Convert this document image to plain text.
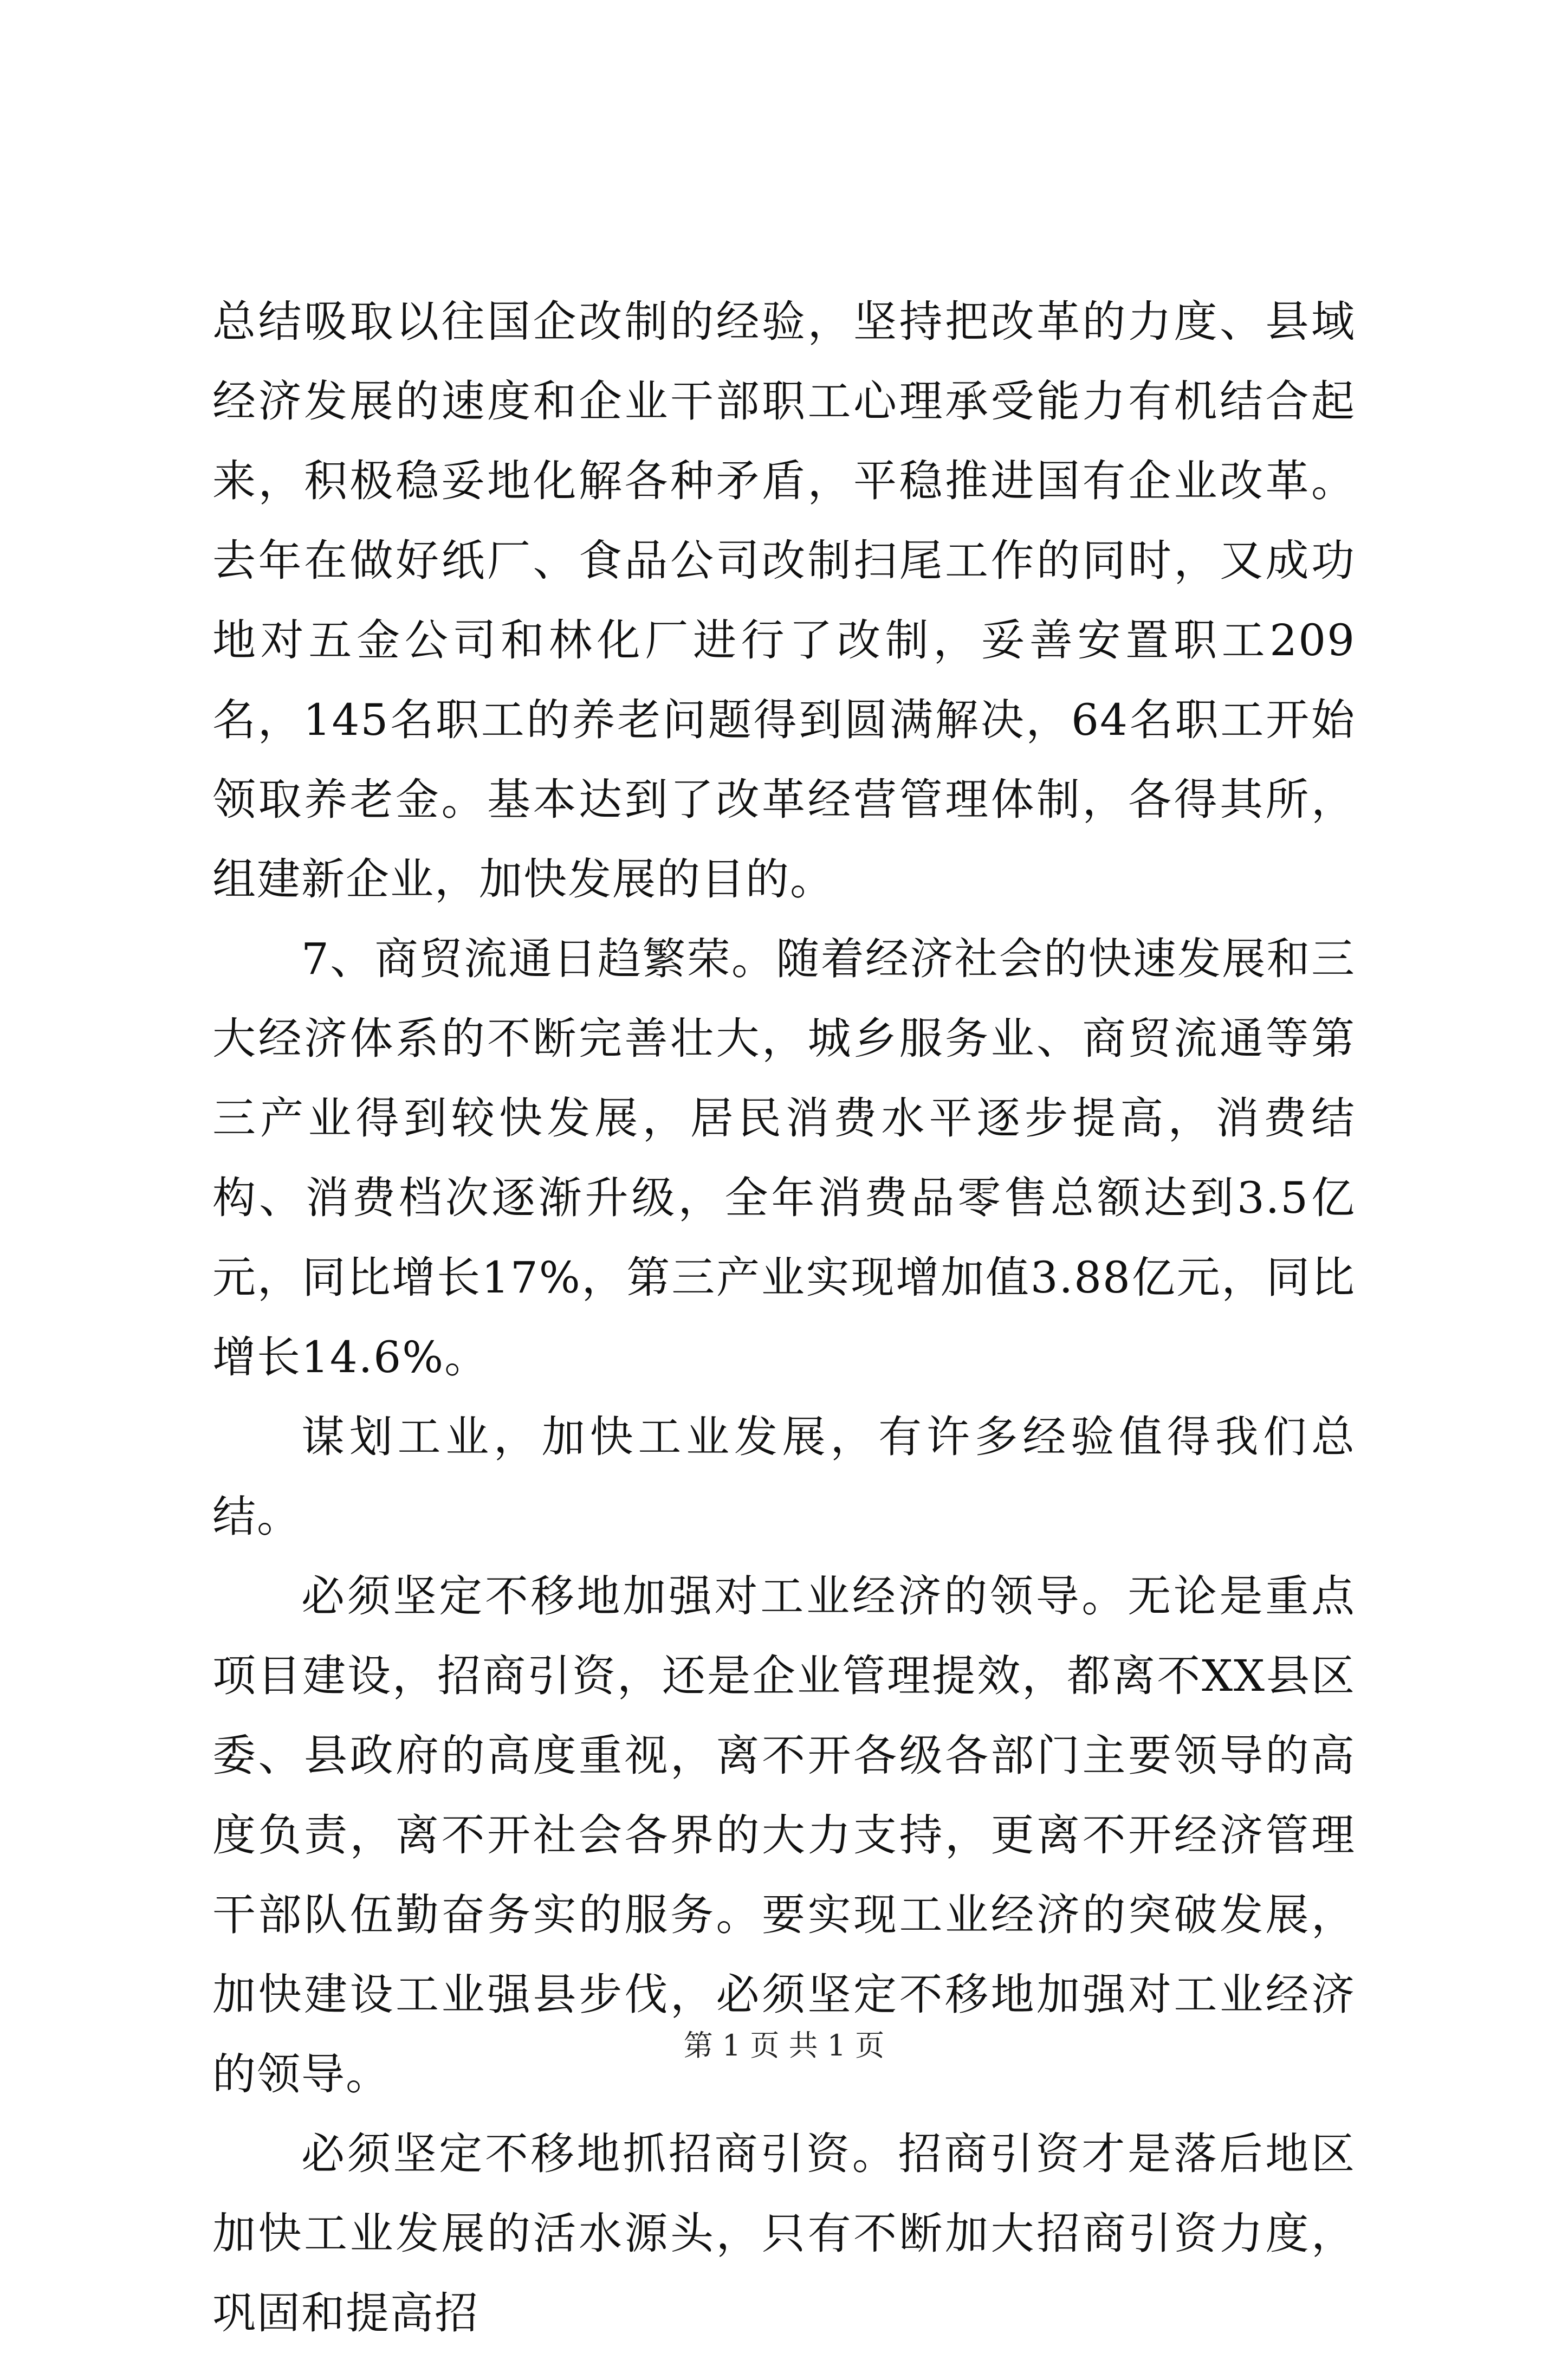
总结吸取以往国企改制的经验，坚持把改革的力度、县域经济发展的速度和企业干部职工心理承受能力有机结合起来，积极稳妥地化解各种矛盾，平稳推进国有企业改革。去年在做好纸厂、食品公司改制扫尾工作的同时，又成功地对五金公司和林化厂进行了改制，妥善安置职工209名，145名职工的养老问题得到圆满解决，64名职工开始领取养老金。基本达到了改革经营管理体制，各得其所，组建新企业，加快发展的目的。

7、商贸流通日趋繁荣。随着经济社会的快速发展和三大经济体系的不断完善壮大，城乡服务业、商贸流通等第三产业得到较快发展，居民消费水平逐步提高，消费结构、消费档次逐渐升级，全年消费品零售总额达到3.5亿元，同比增长17%，第三产业实现增加值3.88亿元，同比增长14.6%。

谋划工业，加快工业发展，有许多经验值得我们总结。

必须坚定不移地加强对工业经济的领导。无论是重点项目建设，招商引资，还是企业管理提效，都离不XX县区委、县政府的高度重视，离不开各级各部门主要领导的高度负责，离不开社会各界的大力支持，更离不开经济管理干部队伍勤奋务实的服务。要实现工业经济的突破发展，加快建设工业强县步伐，必须坚定不移地加强对工业经济的领导。

必须坚定不移地抓招商引资。招商引资才是落后地区加快工业发展的活水源头，只有不断加大招商引资力度，巩固和提高招

第 1 页 共 1 页
